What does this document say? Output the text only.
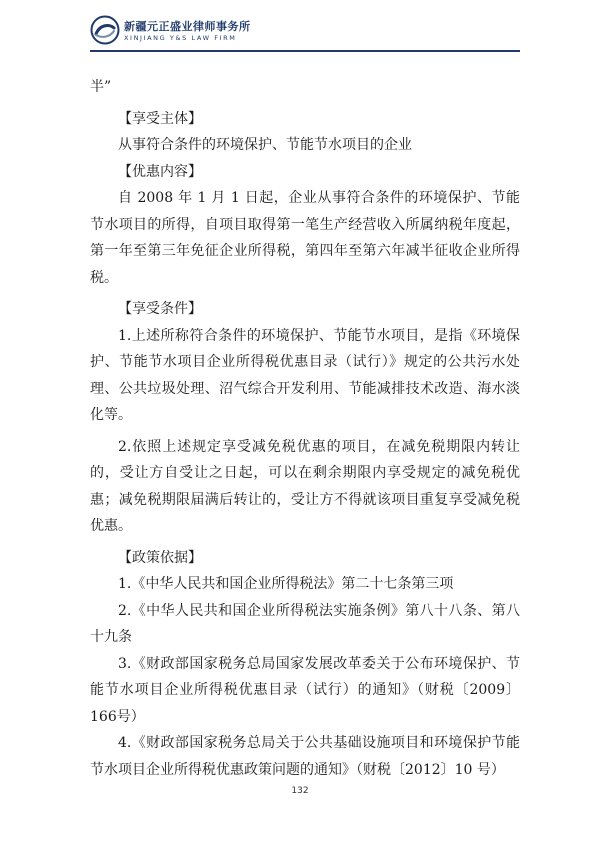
新疆元正盛业律师事务所
XINJIANG Y&S LAW FIRM

半”

【享受主体】

从事符合条件的环境保护、节能节水项目的企业

【优惠内容】

自 2008 年 1 月 1 日起，企业从事符合条件的环境保护、节能节水项目的所得，自项目取得第一笔生产经营收入所属纳税年度起，第一年至第三年免征企业所得税，第四年至第六年减半征收企业所得税。

【享受条件】

1.上述所称符合条件的环境保护、节能节水项目，是指《环境保护、节能节水项目企业所得税优惠目录（试行）》规定的公共污水处理、公共垃圾处理、沼气综合开发利用、节能减排技术改造、海水淡化等。

2.依照上述规定享受减免税优惠的项目，在减免税期限内转让的，受让方自受让之日起，可以在剩余期限内享受规定的减免税优惠；减免税期限届满后转让的，受让方不得就该项目重复享受减免税优惠。

【政策依据】

1.《中华人民共和国企业所得税法》第二十七条第三项

2.《中华人民共和国企业所得税法实施条例》第八十八条、第八十九条

3.《财政部国家税务总局国家发展改革委关于公布环境保护、节能节水项目企业所得税优惠目录（试行）的通知》（财税〔2009〕166号）

4.《财政部国家税务总局关于公共基础设施项目和环境保护节能节水项目企业所得税优惠政策问题的通知》（财税〔2012〕10 号）

132
